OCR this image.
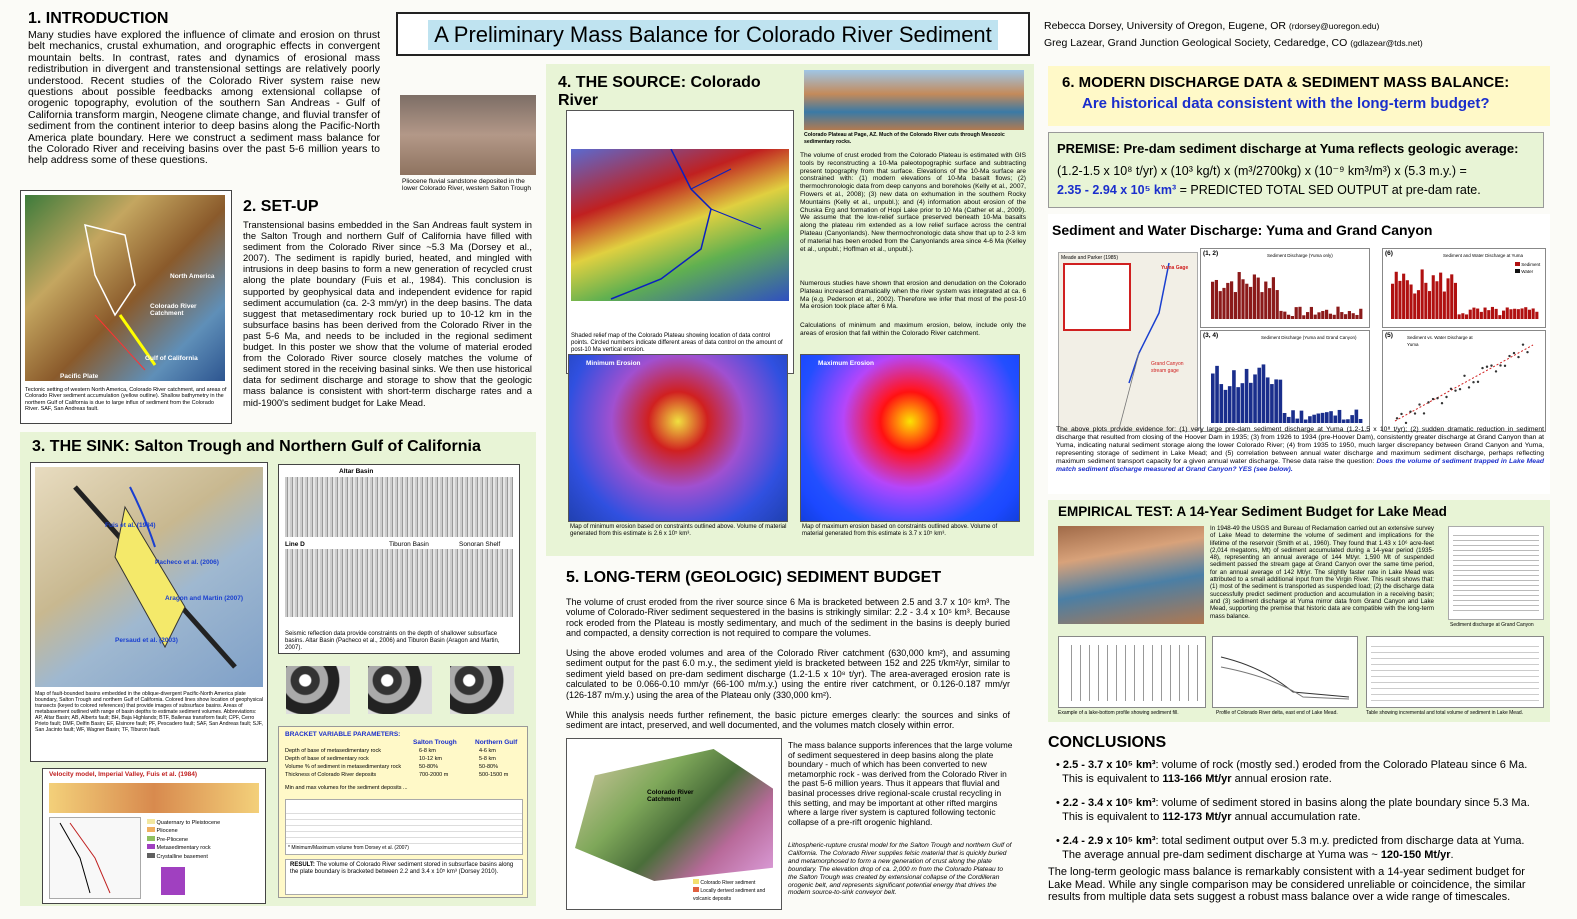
1. INTRODUCTION
Many studies have explored the influence of climate and erosion on thrust belt mechanics, crustal exhumation, and orographic effects in convergent mountain belts. In contrast, rates and dynamics of erosional mass redistribution in divergent and transtensional settings are relatively poorly understood. Recent studies of the Colorado River system raise new questions about possible feedbacks among extensional collapse of orogenic topography, evolution of the southern San Andreas - Gulf of California transform margin, Neogene climate change, and fluvial transfer of sediment from the continent interior to deep basins along the Pacific-North America plate boundary. Here we construct a sediment mass balance for the Colorado River and receiving basins over the past 5-6 million years to help address some of these questions.
Pliocene fluvial sandstone deposited in the lower Colorado River, western Salton Trough
North America
Gulf of California
Pacific Plate
Colorado River Catchment
Tectonic setting of western North America, Colorado River catchment, and areas of Colorado River sediment accumulation (yellow outline). Shallow bathymetry in the northern Gulf of California is due to large influx of sediment from the Colorado River. SAF, San Andreas fault.
2. SET-UP
Transtensional basins embedded in the San Andreas fault system in the Salton Trough and northern Gulf of California have filled with sediment from the Colorado River since ~5.3 Ma (Dorsey et al., 2007). The sediment is rapidly buried, heated, and mingled with intrusions in deep basins to form a new generation of recycled crust along the plate boundary (Fuis et al., 1984). This conclusion is supported by geophysical data and independent evidence for rapid sediment accumulation (ca. 2-3 mm/yr) in the deep basins. The data suggest that metasedimentary rock buried up to 10-12 km in the subsurface basins has been derived from the Colorado River in the past 5-6 Ma, and needs to be included in the regional sediment budget. In this poster we show that the volume of material eroded from the Colorado River source closely matches the volume of sediment stored in the receiving basinal sinks. We then use historical data for sediment discharge and storage to show that the geologic mass balance is consistent with short-term discharge rates and a mid-1900's sediment budget for Lake Mead.
3. THE SINK: Salton Trough and Northern Gulf of California
Fuis et al. (1984)
Pacheco et al. (2006)
Aragon and Martin (2007)
Persaud et al. (2003)
Map of fault-bounded basins embedded in the oblique-divergent Pacific-North America plate boundary, Salton Trough and northern Gulf of California. Colored lines show location of geophysical transects (keyed to colored references) that provide images of subsurface basins. Areas of metabasement outlined with range of basin depths to estimate sediment volumes. Abbreviations: AP, Altar Basin; AB, Alberts fault; BH, Baja Highlands; BTF, Ballenas transform fault; CPF, Cerro Prieto fault; DMF, Delfin Basin; EF, Elsinore fault; PF, Pescadero fault; SAF, San Andreas fault; SJF, San Jacinto fault; WF, Wagner Basin; TF, Tiburon fault.
Altar Basin
Line D	Tiburon Basin	Sonoran Shelf
Seismic reflection data provide constraints on the depth of shallower subsurface basins. Altar Basin (Pacheco et al., 2006) and Tiburon Basin (Aragon and Martin, 2007).
Velocity model, Imperial Valley, Fuis et al. (1984)
Quaternary to Pleistocene
Pliocene
Pre-Pliocene
Metasedimentary rock
Crystalline basement
BRACKET VARIABLE PARAMETERS:
Salton Trough	Northern Gulf
Depth of base of metasedimentary rock	6-8 km	4-6 km
Depth of base of sedimentary rock	10-12 km	5-8 km
Volume % of sediment in metasedimentary rock	50-80%	50-80%
Thickness of Colorado River deposits	700-2000 m	500-1500 m
Min and max volumes for the sediment deposits ...
* Minimum/Maximum volume from Dorsey et al. (2007)
RESULT: The volume of Colorado River sediment stored in subsurface basins along the plate boundary is bracketed between 2.2 and 3.4 x 10⁵ km³ (Dorsey 2010).
A Preliminary Mass Balance for Colorado River Sediment	Rebecca Dorsey, University of Oregon, Eugene, OR (rdorsey@uoregon.edu)
Greg Lazear, Grand Junction Geological Society, Cedaredge, CO (gdlazear@tds.net)
4. THE SOURCE: Colorado River
Shaded relief map of the Colorado Plateau showing location of data control points. Circled numbers indicate different areas of data control on the amount of post-10 Ma vertical erosion.
Colorado Plateau at Page, AZ. Much of the Colorado River cuts through Mesozoic sedimentary rocks.
The volume of crust eroded from the Colorado Plateau is estimated with GIS tools by reconstructing a 10-Ma paleotopographic surface and subtracting present topography from that surface. Elevations of the 10-Ma surface are constrained with: (1) modern elevations of 10-Ma basalt flows; (2) thermochronologic data from deep canyons and boreholes (Kelly et al., 2007, Flowers et al., 2008); (3) new data on exhumation in the southern Rocky Mountains (Kelly et al., unpubl.); and (4) information about erosion of the Chuska Erg and formation of Hopi Lake prior to 10 Ma (Cather et al., 2009). We assume that the low-relief surface preserved beneath 10-Ma basalts along the plateau rim extended as a low relief surface across the central Plateau (Canyonlands). New thermochronologic data show that up to 2-3 km of material has been eroded from the Canyonlands area since 4-6 Ma (Kelley et al., unpubl.; Hoffman et al., unpubl.).
Numerous studies have shown that erosion and denudation on the Colorado Plateau increased dramatically when the river system was integrated at ca. 6 Ma (e.g. Pederson et al., 2002). Therefore we infer that most of the post-10 Ma erosion took place after 6 Ma.
Calculations of minimum and maximum erosion, below, include only the areas of erosion that fall within the Colorado River catchment.
Minimum Erosion
Map of minimum erosion based on constraints outlined above. Volume of material generated from this estimate is 2.6 x 10⁵ km³.
Maximum Erosion
Map of maximum erosion based on constraints outlined above. Volume of material generated from this estimate is 3.7 x 10⁵ km³.
5. LONG-TERM (GEOLOGIC) SEDIMENT BUDGET
The volume of crust eroded from the river source since 6 Ma is bracketed between 2.5 and 3.7 x 10⁵ km³. The volume of Colorado-River sediment sequestered in the basins is strikingly similar: 2.2 - 3.4 x 10⁵ km³. Because rock eroded from the Plateau is mostly sedimentary, and much of the sediment in the basins is deeply buried and compacted, a density correction is not required to compare the volumes.
Using the above eroded volumes and area of the Colorado River catchment (630,000 km²), and assuming sediment output for the past 6.0 m.y., the sediment yield is bracketed between 152 and 225 t/km²/yr, similar to sediment yield based on pre-dam sediment discharge (1.2-1.5 x 10⁸ t/yr). The area-averaged erosion rate is calculated to be 0.066-0.10 mm/yr (66-100 m/m.y.) using the entire river catchment, or 0.126-0.187 mm/yr (126-187 m/m.y.) using the area of the Plateau only (330,000 km²).
While this analysis needs further refinement, the basic picture emerges clearly: the sources and sinks of sediment are intact, preserved, and well documented, and the volumes match closely within error.
Colorado River Catchment
Colorado River sediment
Locally derived sediment and volcanic deposits
The mass balance supports inferences that the large volume of sediment sequestered in deep basins along the plate boundary - much of which has been converted to new metamorphic rock - was derived from the Colorado River in the past 5-6 million years. Thus it appears that fluvial and basinal processes drive regional-scale crustal recycling in this setting, and may be important at other rifted margins where a large river system is captured following tectonic collapse of a pre-rift orogenic highland.
Lithospheric-rupture crustal model for the Salton Trough and northern Gulf of California. The Colorado River supplies felsic material that is quickly buried and metamorphosed to form a new generation of crust along the plate boundary. The elevation drop of ca. 2,000 m from the Colorado Plateau to the Salton Trough was created by extensional collapse of the Cordilleran orogenic belt, and represents significant potential energy that drives the modern source-to-sink conveyor belt.
6. MODERN DISCHARGE DATA & SEDIMENT MASS BALANCE:
Are historical data consistent with the long-term budget?
PREMISE: Pre-dam sediment discharge at Yuma reflects geologic average:
(1.2-1.5 x 10⁸ t/yr) x (10³ kg/t) x (m³/2700kg) x (10⁻⁹ km³/m³) x (5.3 m.y.) =
2.35 - 2.94 x 10⁵ km³ = PREDICTED TOTAL SED OUTPUT at pre-dam rate.
Sediment and Water Discharge: Yuma and Grand Canyon
Meade and Parker (1985)
Yuma Gage
Grand Canyon stream gage
(1, 2)	Sediment Discharge (Yuma only)
(3, 4)	Sediment Discharge (Yuma and Grand Canyon)
(6)	Sediment and Water Discharge at Yuma
Sediment
Water
(5)	Sediment vs. Water Discharge at Yuma
The above plots provide evidence for: (1) very large pre-dam sediment discharge at Yuma (1.2-1.5 x 10⁸ t/yr); (2) sudden dramatic reduction in sediment discharge that resulted from closing of the Hoover Dam in 1935; (3) from 1926 to 1934 (pre-Hoover Dam), consistently greater discharge at Grand Canyon than at Yuma, indicating natural sediment storage along the lower Colorado River; (4) from 1935 to 1950, much larger discrepancy between Grand Canyon and Yuma, representing storage of sediment in Lake Mead; and (5) correlation between annual water discharge and maximum sediment discharge, perhaps reflecting maximum sediment transport capacity for a given annual water discharge. These data raise the question: Does the volume of sediment trapped in Lake Mead match sediment discharge measured at Grand Canyon? YES (see below).
EMPIRICAL TEST: A 14-Year Sediment Budget for Lake Mead
In 1948-49 the USGS and Bureau of Reclamation carried out an extensive survey of Lake Mead to determine the volume of sediment and implications for the lifetime of the reservoir (Smith et al., 1960). They found that 1.43 x 10⁶ acre-feet (2,014 megatons, Mt) of sediment accumulated during a 14-year period (1935-48), representing an annual average of 144 Mt/yr. 1,590 Mt of suspended sediment passed the stream gage at Grand Canyon over the same time period, for an annual average of 142 Mt/yr. The slightly faster rate in Lake Mead was attributed to a small additional input from the Virgin River. This result shows that: (1) most of the sediment is transported as suspended load; (2) the discharge data successfully predict sediment production and accumulation in a receiving basin; and (3) sediment discharge at Yuma mirror data from Grand Canyon and Lake Mead, supporting the premise that historic data are compatible with the long-term mass balance.
Sediment discharge at Grand Canyon
Example of a lake-bottom profile showing sediment fill.	Profile of Colorado River delta, east end of Lake Mead.	Table showing incremental and total volume of sediment in Lake Mead.
CONCLUSIONS
• 2.5 - 3.7 x 10⁵ km³: volume of rock (mostly sed.) eroded from the Colorado Plateau since 6 Ma.
This is equivalent to 113-166 Mt/yr annual erosion rate.
• 2.2 - 3.4 x 10⁵ km³: volume of sediment stored in basins along the plate boundary since 5.3 Ma.
This is equivalent to 112-173 Mt/yr annual accumulation rate.
• 2.4 - 2.9 x 10⁵ km³: total sediment output over 5.3 m.y. predicted from discharge data at Yuma.
The average annual pre-dam sediment discharge at Yuma was ~ 120-150 Mt/yr.
The long-term geologic mass balance is remarkably consistent with a 14-year sediment budget for Lake Mead. While any single comparison may be considered unreliable or coincidence, the similar results from multiple data sets suggest a robust mass balance over a wide range of timescales.
